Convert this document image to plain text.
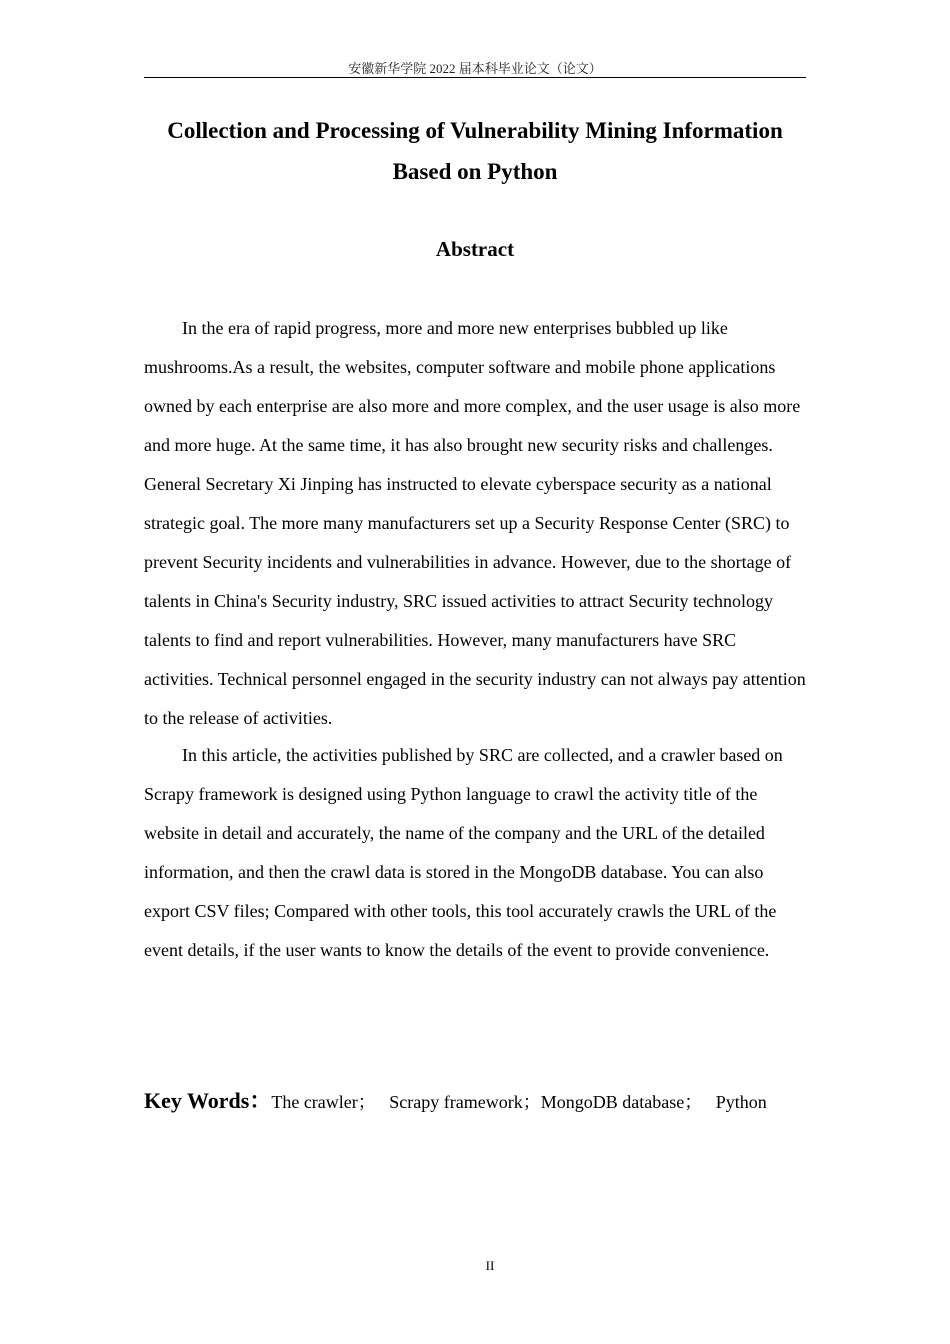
安徽新华学院 2022 届本科毕业论文（论文）
Collection and Processing of Vulnerability Mining Information
Based on Python
Abstract

In the era of rapid progress, more and more new enterprises bubbled up like mushrooms.As a result, the websites, computer software and mobile phone applications owned by each enterprise are also more and more complex, and the user usage is also more and more huge. At the same time, it has also brought new security risks and challenges. General Secretary Xi Jinping has instructed to elevate cyberspace security as a national strategic goal. The more many manufacturers set up a Security Response Center (SRC) to prevent Security incidents and vulnerabilities in advance. However, due to the shortage of talents in China's Security industry, SRC issued activities to attract Security technology talents to find and report vulnerabilities. However, many manufacturers have SRC activities. Technical personnel engaged in the security industry can not always pay attention to the release of activities.

In this article, the activities published by SRC are collected, and a crawler based on Scrapy framework is designed using Python language to crawl the activity title of the website in detail and accurately, the name of the company and the URL of the detailed information, and then the crawl data is stored in the MongoDB database. You can also export CSV files; Compared with other tools, this tool accurately crawls the URL of the event details, if the user wants to know the details of the event to provide convenience.

Key Words：The crawler； Scrapy framework；MongoDB database； Python
II
